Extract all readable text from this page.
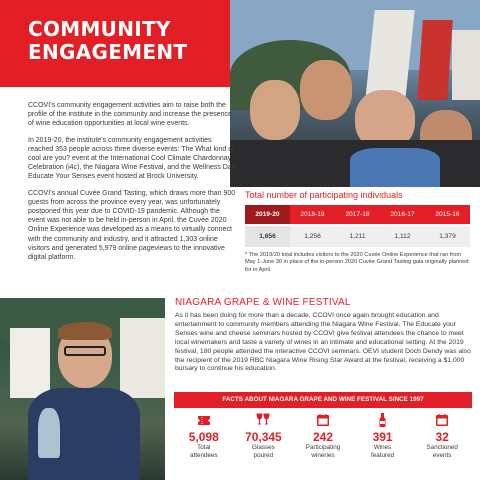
COMMUNITY
ENGAGEMENT

CCOVI’s community engagement activities aim to raise both the profile of the institute in the community and increase the presence of wine education opportunities at local wine events.

In 2019-20, the institute’s community engagement activities reached 353 people across three diverse events: The What kind of cool are you? event at the International Cool Climate Chardonnay Celebration (i4c), the Niagara Wine Festival, and the Wellness Day: Educate Your Senses event hosted at Brock University.

CCOVI’s annual Cuvée Grand Tasting, which draws more than 900 guests from across the province every year, was unfortunately postponed this year due to COVID-19 pandemic. Although the event was not able to be held in-person in April, the Cuvée 2020 Online Experience was developed as a means to virtually connect with the community and industry, and it attracted 1,303 online visitors and generated 5,979 online pageviews to the innovative digital platform.

Total number of participating individuals
2019-20	2018-19	2017-18	2016-17	2015-16
1,656	1,256	1,211	1,112	1,379
* The 2019/20 total includes visitors to the 2020 Cuvée Online Experience that ran from May 1-June 30 in place of the in-person 2020 Cuvée Grand Tasting gala originally planned for in April.
NIAGARA GRAPE & WINE FESTIVAL
As it has been doing for more than a decade, CCOVI once again brought education and entertainment to community members attending the Niagara Wine Festival. The Educate your Senses wine and cheese seminars hosted by CCOVI give festival attendees the chance to meet local winemakers and taste a variety of wines in an intimate and educational setting. At the 2019 festival, 180 people attended the interactive CCOVI seminars. OEVI student Doch Dendy was also the recipient of the 2019 RBC Niagara Wine Rising Star Award at the festival, receiving a $1,000 bursary to continue his education.
FACTS ABOUT NIAGARA GRAPE AND WINE FESTIVAL SINCE 1997
5,098
Total
attendees
70,345
Glasses
poured
242
Participating
wineries
391
Wines
featured
32
Sanctioned
events
